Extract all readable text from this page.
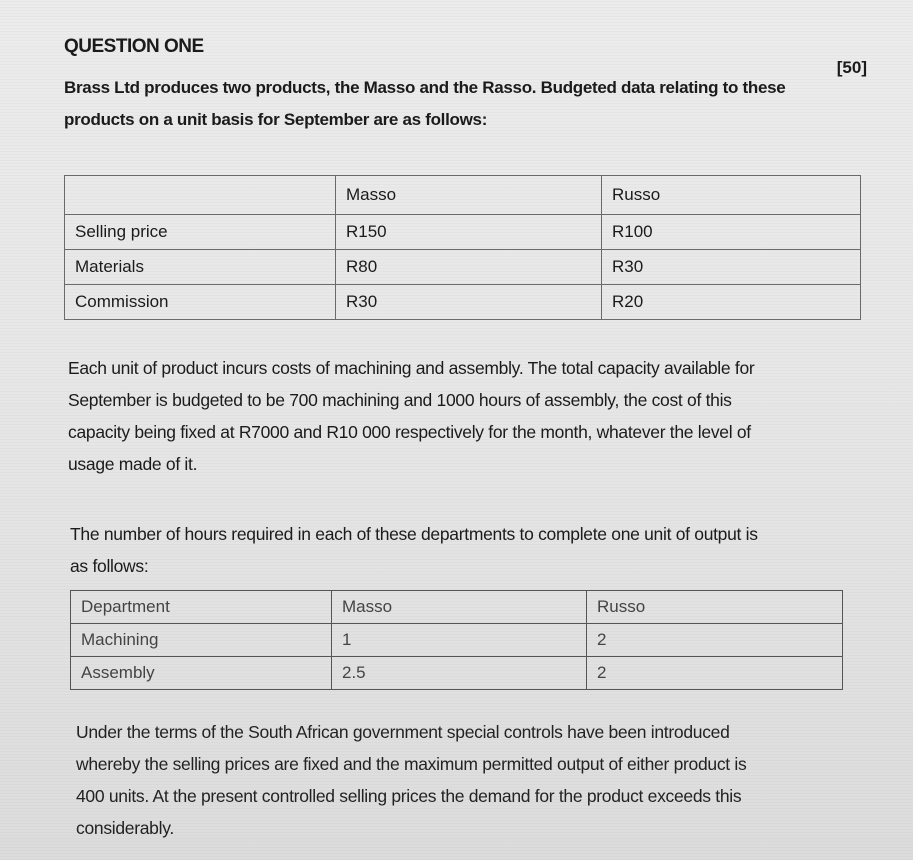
QUESTION ONE
[50]
Brass Ltd produces two products, the Masso and the Rasso. Budgeted data relating to these
products on a unit basis for September are as follows:
	Masso	Russo
Selling price	R150	R100
Materials	R80	R30
Commission	R30	R20
Each unit of product incurs costs of machining and assembly. The total capacity available for
September is budgeted to be 700 machining and 1000 hours of assembly, the cost of this
capacity being fixed at R7000 and R10 000 respectively for the month, whatever the level of
usage made of it.
The number of hours required in each of these departments to complete one unit of output is
as follows:
Department	Masso	Russo
Machining	1	2
Assembly	2.5	2
Under the terms of the South African government special controls have been introduced
whereby the selling prices are fixed and the maximum permitted output of either product is
400 units. At the present controlled selling prices the demand for the product exceeds this
considerably.
